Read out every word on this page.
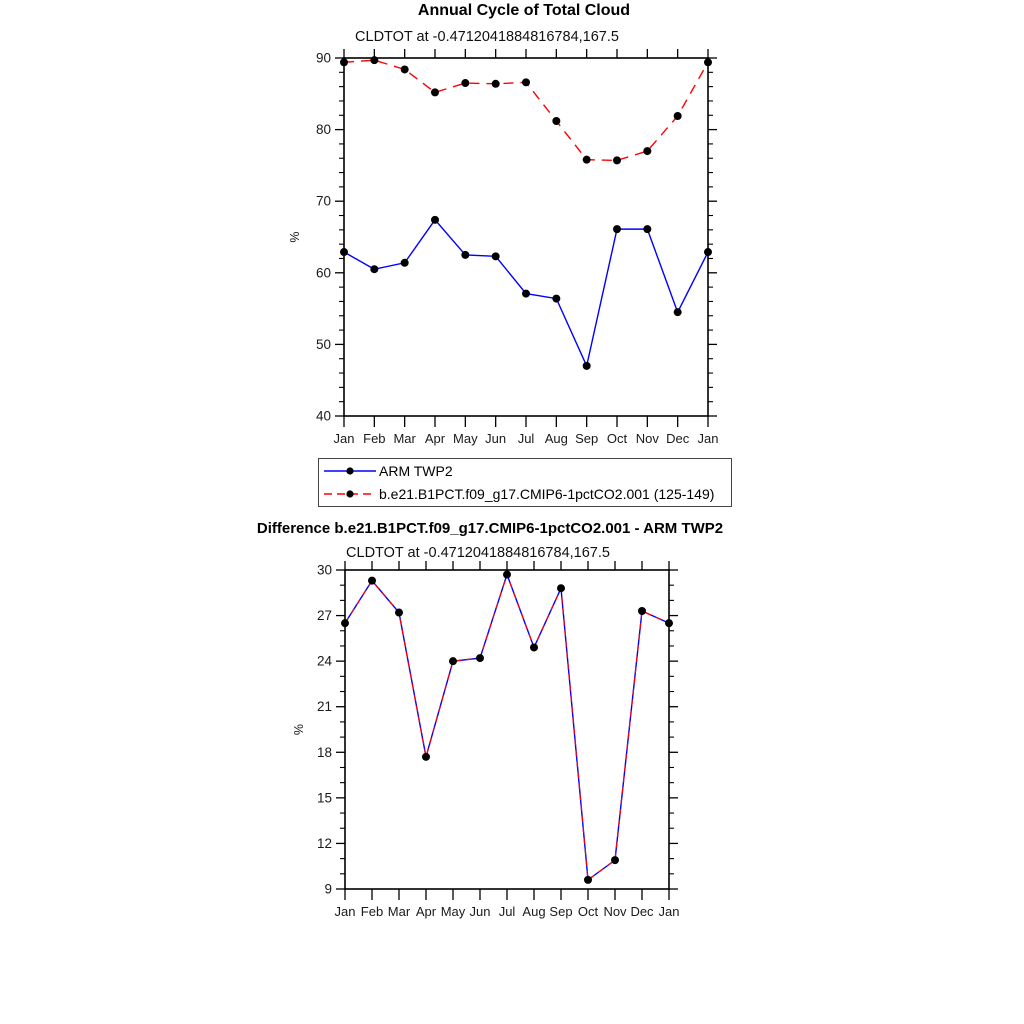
Annual Cycle of Total Cloud
CLDTOT at -0.4712041884816784,167.5
Jan Feb Mar Apr May Jun Jul Aug Sep Oct Nov Dec Jan
40
50
60
70
80
90
%
Jan Feb Mar Apr May Jun Jul Aug Sep Oct Nov Dec Jan
9
12
15
18
21
24
27
30
%
ARM TWP2
b.e21.B1PCT.f09_g17.CMIP6-1pctCO2.001 (125-149)
Difference b.e21.B1PCT.f09_g17.CMIP6-1pctCO2.001 - ARM TWP2
CLDTOT at -0.4712041884816784,167.5
